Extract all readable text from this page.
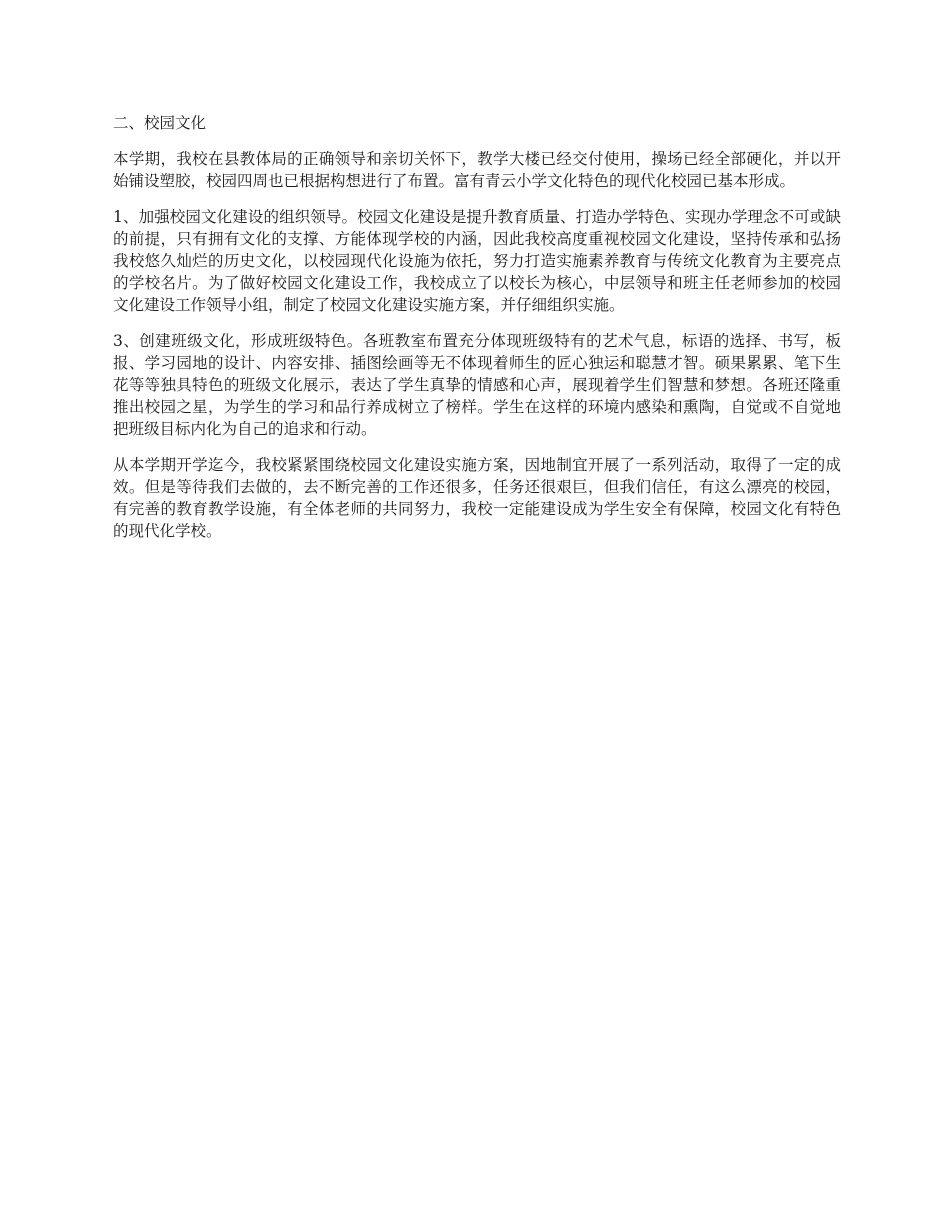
二、校园文化

本学期，我校在县教体局的正确领导和亲切关怀下，教学大楼已经交付使用，操场已经全部硬化，并以开始铺设塑胶，校园四周也已根据构想进行了布置。富有青云小学文化特色的现代化校园已基本形成。

1、加强校园文化建设的组织领导。校园文化建设是提升教育质量、打造办学特色、实现办学理念不可或缺的前提，只有拥有文化的支撑、方能体现学校的内涵，因此我校高度重视校园文化建设，坚持传承和弘扬我校悠久灿烂的历史文化，以校园现代化设施为依托，努力打造实施素养教育与传统文化教育为主要亮点的学校名片。为了做好校园文化建设工作，我校成立了以校长为核心，中层领导和班主任老师参加的校园文化建设工作领导小组，制定了校园文化建设实施方案，并仔细组织实施。

3、创建班级文化，形成班级特色。各班教室布置充分体现班级特有的艺术气息，标语的选择、书写，板报、学习园地的设计、内容安排、插图绘画等无不体现着师生的匠心独运和聪慧才智。硕果累累、笔下生花等等独具特色的班级文化展示，表达了学生真挚的情感和心声，展现着学生们智慧和梦想。各班还隆重推出校园之星，为学生的学习和品行养成树立了榜样。学生在这样的环境内感染和熏陶，自觉或不自觉地把班级目标内化为自己的追求和行动。

从本学期开学迄今，我校紧紧围绕校园文化建设实施方案，因地制宜开展了一系列活动，取得了一定的成效。但是等待我们去做的，去不断完善的工作还很多，任务还很艰巨，但我们信任，有这么漂亮的校园，有完善的教育教学设施，有全体老师的共同努力，我校一定能建设成为学生安全有保障，校园文化有特色的现代化学校。
